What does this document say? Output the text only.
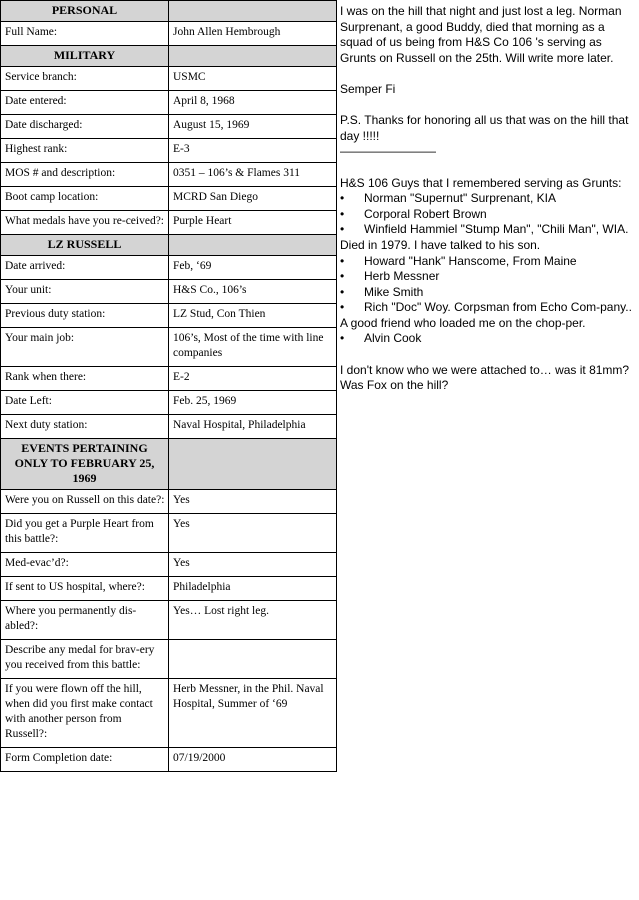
PERSONAL	
Full Name:	John Allen Hembrough
MILITARY	
Service branch:	USMC
Date entered:	April 8, 1968
Date discharged:	August 15, 1969
Highest rank:	E-3
MOS # and description:	0351 – 106’s & Flames 311
Boot camp location:	MCRD San Diego
What medals have you re-ceived?:	Purple Heart
LZ RUSSELL	
Date arrived:	Feb, ‘69
Your unit:	H&S Co., 106’s
Previous duty station:	LZ Stud, Con Thien
Your main job:	106’s, Most of the time with line companies
Rank when there:	E-2
Date Left:	Feb. 25, 1969
Next duty station:	Naval Hospital, Philadelphia
EVENTS PERTAINING ONLY TO FEBRUARY 25, 1969	
Were you on Russell on this date?:	Yes
Did you get a Purple Heart from this battle?:	Yes
Med-evac’d?:	Yes
If sent to US hospital, where?:	Philadelphia
Where you permanently dis-abled?:	Yes… Lost right leg.
Describe any medal for brav-ery you received from this battle:	
If you were flown off the hill, when did you first make contact with another person from Russell?:	Herb Messner, in the Phil. Naval Hospital, Summer of ‘69
Form Completion date:	07/19/2000

I was on the hill that night and just lost a leg. Norman Surprenant, a good Buddy, died that morning as a squad of us being from H&S Co 106 's serving as Grunts on Russell on the 25th. Will write more later.

Semper Fi

P.S. Thanks for honoring all us that was on the hill that day !!!!!

————————

H&S 106 Guys that I remembered serving as Grunts:

• Norman "Supernut" Surprenant, KIA
• Corporal Robert Brown
• Winfield Hammiel "Stump Man", "Chili Man", WIA. Died in 1979. I have talked to his son.
• Howard "Hank" Hanscome, From Maine
• Herb Messner
• Mike Smith
• Rich "Doc" Woy. Corpsman from Echo Com-pany.. A good friend who loaded me on the chop-per.
• Alvin Cook

I don't know who we were attached to… was it 81mm? Was Fox on the hill?
